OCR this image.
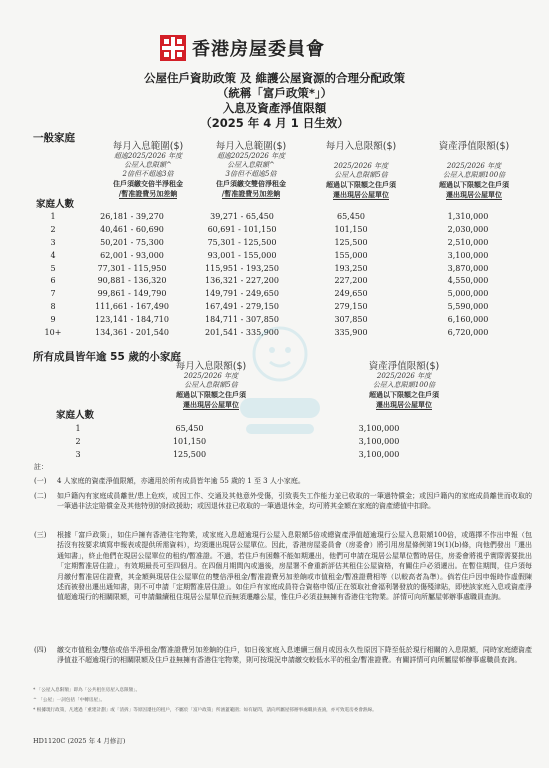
香港房屋委員會
公屋住戶資助政策 及 維護公屋資源的合理分配政策
（統稱「富戶政策*」）
入息及資產淨值限額
（2025 年 4 月 1 日生效）
一般家庭
每月入息範圍($)
超逾2025/2026 年度
公屋入息限額^
2倍但不超逾3倍
住戶須繳交倍半淨租金
/暫准證費另加差餉
每月入息範圍($)
超逾2025/2026 年度
公屋入息限額^
3倍但不超逾5倍
住戶須繳交雙倍淨租金
/暫准證費另加差餉
每月入息限額($)
2025/2026 年度
公屋入息限額5倍
超過以下限額之住戶須
遷出現居公屋單位
資產淨值限額($)
2025/2026 年度
公屋入息限額100倍
超過以下限額之住戶須
遷出現居公屋單位
家庭人數
1	26,181 - 39,270	39,271 - 65,450	65,450	1,310,000
2	40,461 - 60,690	60,691 - 101,150	101,150	2,030,000
3	50,201 - 75,300	75,301 - 125,500	125,500	2,510,000
4	62,001 - 93,000	93,001 - 155,000	155,000	3,100,000
5	77,301 - 115,950	115,951 - 193,250	193,250	3,870,000
6	90,881 - 136,320	136,321 - 227,200	227,200	4,550,000
7	99,861 - 149,790	149,791 - 249,650	249,650	5,000,000
8	111,661 - 167,490	167,491 - 279,150	279,150	5,590,000
9	123,141 - 184,710	184,711 - 307,850	307,850	6,160,000
10+	134,361 - 201,540	201,541 - 335,900	335,900	6,720,000
所有成員皆年逾 55 歲的小家庭
每月入息限額($)
2025/2026 年度
公屋入息限額5倍
超過以下限額之住戶須
遷出現居公屋單位
資產淨值限額($)
2025/2026 年度
公屋入息限額100倍
超過以下限額之住戶須
遷出現居公屋單位
家庭人數
1	65,450	3,100,000
2	101,150	3,100,000
3	125,500	3,100,000
註：
(一) 4 人家庭的資產淨值限額，亦適用於所有成員皆年逾 55 歲的 1 至 3 人小家庭。
(二) 如戶籍內有家庭成員離世/患上危疾，或因工作、交通及其他意外受傷，引致喪失工作能力並已收取的一筆過特償金；或因戶籍內的家庭成員離世而收取的一筆過非法定賠償金及其他特別的財政援助；或因退休並已收取的一筆過退休金，均可將其金額在家庭的資產總值中扣除。
(三) 根據「富戶政策」，如住戶擁有香港住宅物業，或家庭入息超逾現行公屋入息限額5倍或總資產淨值超逾現行公屋入息限額100倍，或選擇不作出申報（包括沒有按要求填寫申報表或提供所需資料），均須遷出現居公屋單位。因此，香港房屋委員會（房委會）將引用房屋條例第19(1)(b)條，向他們發出「遷出通知書」，終止他們在現居公屋單位的租約/暫准證。不過，若住戶有困難不能如期遷出，他們可申請在現居公屋單位暫時居住，房委會將視乎實際需要批出「定期暫准居住證」，有效期最長可至四個月。在四個月期間內或過後，房屋署不會重新評估其租住公屋資格，有關住戶必須遷出。在暫住期間，住戶須每月繳付暫准居住證費，其金額與現居住公屋單位的雙倍淨租金/暫准證費另加差餉或市值租金/暫准證費相等（以較高者為準）。倘若住戶因申報時作虛假陳述而被發出遷出通知書，則不可申請「定期暫准居住證」。如住戶有家庭成員符合資格申領/正在領取社會福利署發放的傷殘津貼，即使該家庭入息或資產淨值超逾現行的相關限額，可申請繼續租住現居公屋單位而無須遷離公屋，惟住戶必須並無擁有香港住宅物業。詳情可向所屬屋邨辦事處職員查詢。
(四) 繳交市值租金/雙倍或倍半淨租金/暫准證費另加差餉的住戶，如日後家庭入息連續三個月或因永久性原因下降至低於現行相關的入息限額，同時家庭總資產淨值並不超逾現行的相關限額及住戶並無擁有香港住宅物業，則可按現況申請繳交較低水平的租金/暫准證費。有關詳情可向所屬屋邨辦事處職員查詢。
* 「公屋入息限額」即為「公共租住房屋入息限額」。
^ 「公屋」一詞包括「中轉房屋」。
* 根據現行政策，凡透過「重建計劃」或「清拆」等原因遷往的租戶，不屬於「富戶政策」所涵蓋範圍；如有疑問，請向所屬屋邨辦事處職員查詢，亦可致電房委會熱線。
HD1120C (2025 年 4 月修訂)
